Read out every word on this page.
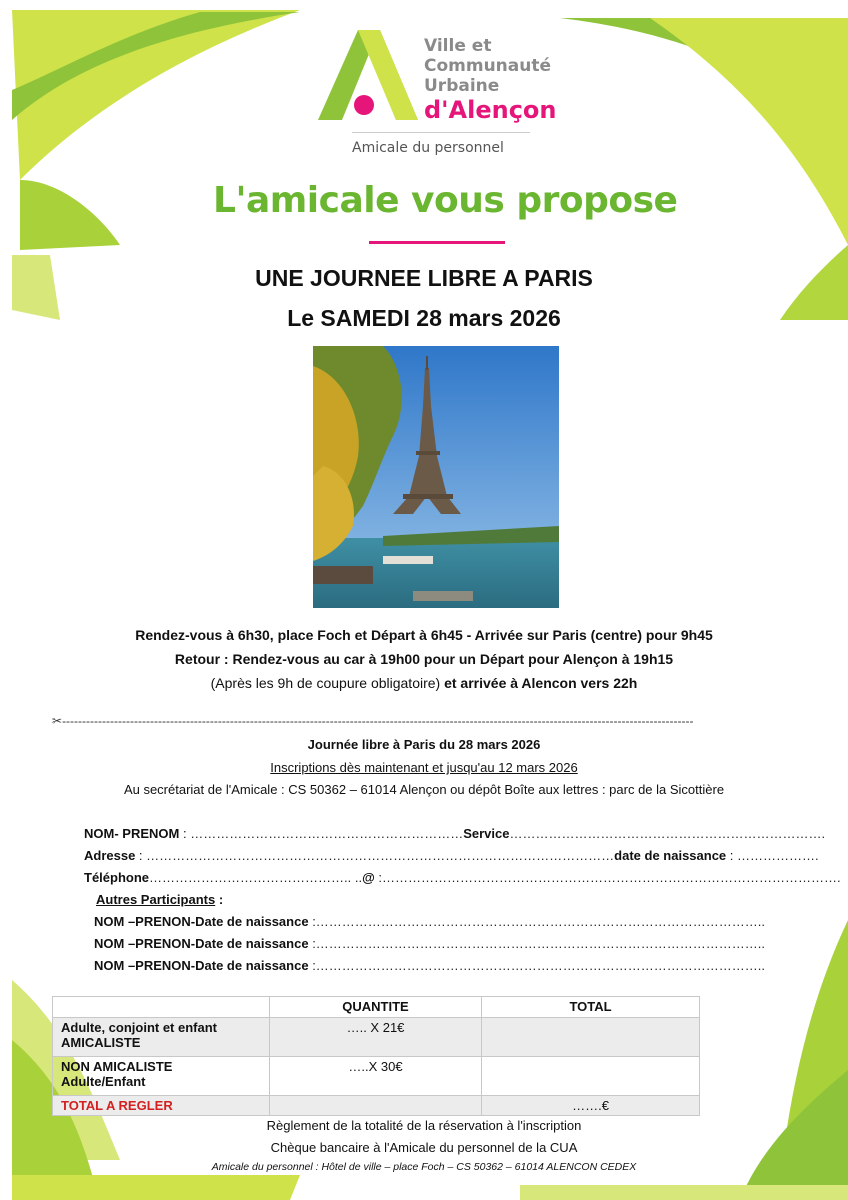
Ville et
Communauté
Urbaine
d'Alençon
Amicale du personnel
L'amicale vous propose
UNE JOURNEE LIBRE A PARIS
Le SAMEDI 28 mars 2026
Rendez-vous à 6h30, place Foch et Départ à 6h45 - Arrivée sur Paris (centre) pour 9h45
Retour : Rendez-vous au car à 19h00 pour un Départ pour Alençon à 19h15
(Après les 9h de coupure obligatoire) et arrivée à Alencon vers 22h
✂--------------------------------------------------------------------------------------------------------------------------------------------------------------
Journée libre à Paris du 28 mars 2026
Inscriptions dès maintenant et jusqu'au 12 mars 2026
Au secrétariat de l'Amicale : CS 50362 – 61014 Alençon ou dépôt Boîte aux lettres : parc de la Sicottière
NOM- PRENOM : ………………………………………………………Service……………………………………………………………….
Adresse : ………………………………………………………………………………………………date de naissance : ……………….
Téléphone……………………………………….. ..@ :…………………………………………………………………………………………….
Autres Participants :
NOM –PRENON-Date de naissance :…………………………………………………………………………………………..
NOM –PRENON-Date de naissance :…………………………………………………………………………………………..
NOM –PRENON-Date de naissance :…………………………………………………………………………………………..
	QUANTITE	TOTAL

Adulte, conjoint et enfant
AMICALISTE	….. X 21€	

NON AMICALISTE
Adulte/Enfant	…..X 30€	
TOTAL A REGLER		…….€
Règlement de la totalité de la réservation à l'inscription
Chèque bancaire à l'Amicale du personnel de la CUA
Amicale du personnel : Hôtel de ville – place Foch – CS 50362 – 61014 ALENCON CEDEX
